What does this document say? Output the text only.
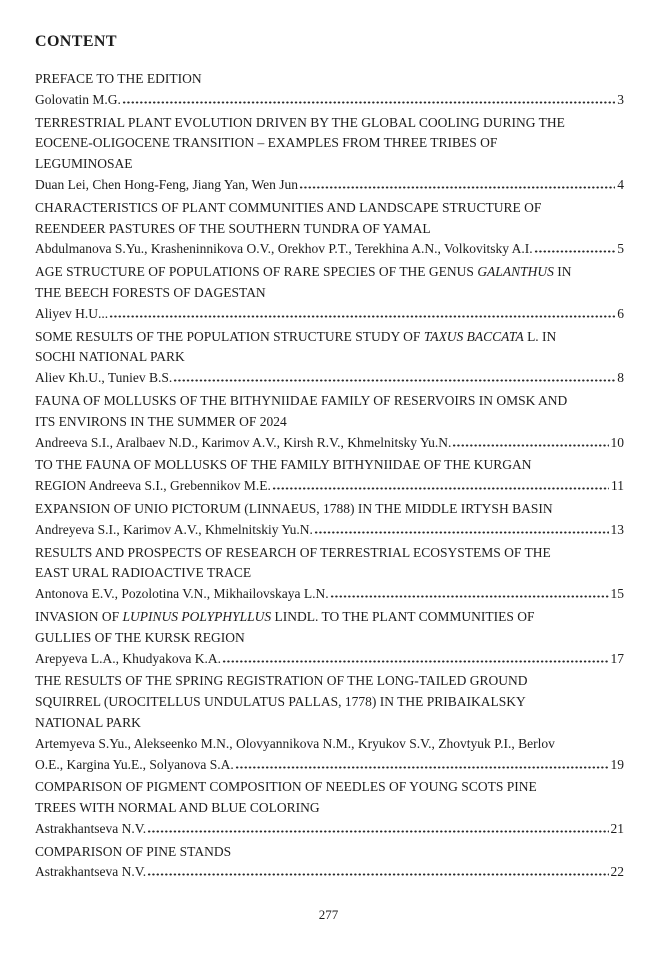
CONTENT
PREFACE TO THE EDITION
Golovatin M.G.	3
TERRESTRIAL PLANT EVOLUTION DRIVEN BY THE GLOBAL COOLING DURING THE
EOCENE-OLIGOCENE TRANSITION – EXAMPLES FROM THREE TRIBES OF
LEGUMINOSAE
Duan Lei, Chen Hong-Feng, Jiang Yan, Wen Jun	4
CHARACTERISTICS OF PLANT COMMUNITIES AND LANDSCAPE STRUCTURE OF
REENDEER PASTURES OF THE SOUTHERN TUNDRA OF YAMAL
Abdulmanova S.Yu., Krasheninnikova O.V., Orekhov P.T., Terekhina A.N., Volkovitsky A.I.	5
AGE STRUCTURE OF POPULATIONS OF RARE SPECIES OF THE GENUS GALANTHUS IN
THE BEECH FORESTS OF DAGESTAN
Aliyev H.U...	6
SOME RESULTS OF THE POPULATION STRUCTURE STUDY OF TAXUS BACCATA L. IN
SOCHI NATIONAL PARK
Aliev Kh.U., Tuniev B.S.	8
FAUNA OF MOLLUSKS OF THE BITHYNIIDAE FAMILY OF RESERVOIRS IN OMSK AND
ITS ENVIRONS IN THE SUMMER OF 2024
Andreeva S.I., Aralbaev N.D., Karimov A.V., Kirsh R.V., Khmelnitsky Yu.N.	10
TO THE FAUNA OF MOLLUSKS OF THE FAMILY BITHYNIIDAE OF THE KURGAN
REGION Andreeva S.I., Grebennikov M.E.	11
EXPANSION OF UNIO PICTORUM (LINNAEUS, 1788) IN THE MIDDLE IRTYSH BASIN
Andreyeva S.I., Karimov A.V., Khmelnitskiy Yu.N.	13
RESULTS AND PROSPECTS OF RESEARCH OF TERRESTRIAL ECOSYSTEMS OF THE
EAST URAL RADIOACTIVE TRACE
Antonova E.V., Pozolotina V.N., Mikhailovskaya L.N.	15
INVASION OF LUPINUS POLYPHYLLUS LINDL. TO THE PLANT COMMUNITIES OF
GULLIES OF THE KURSK REGION
Arepyeva L.A., Khudyakova K.A.	17
THE RESULTS OF THE SPRING REGISTRATION OF THE LONG-TAILED GROUND
SQUIRREL (UROCITELLUS UNDULATUS PALLAS, 1778) IN THE PRIBAIKALSKY
NATIONAL PARK
Artemyeva S.Yu., Alekseenko M.N., Olovyannikova N.M., Kryukov S.V., Zhovtyuk P.I., Berlov
O.E., Kargina Yu.E., Solyanova S.A.	19
COMPARISON OF PIGMENT COMPOSITION OF NEEDLES OF YOUNG SCOTS PINE
TREES WITH NORMAL AND BLUE COLORING
Astrakhantseva N.V.	21
COMPARISON OF PINE STANDS
Astrakhantseva N.V.	22
277
